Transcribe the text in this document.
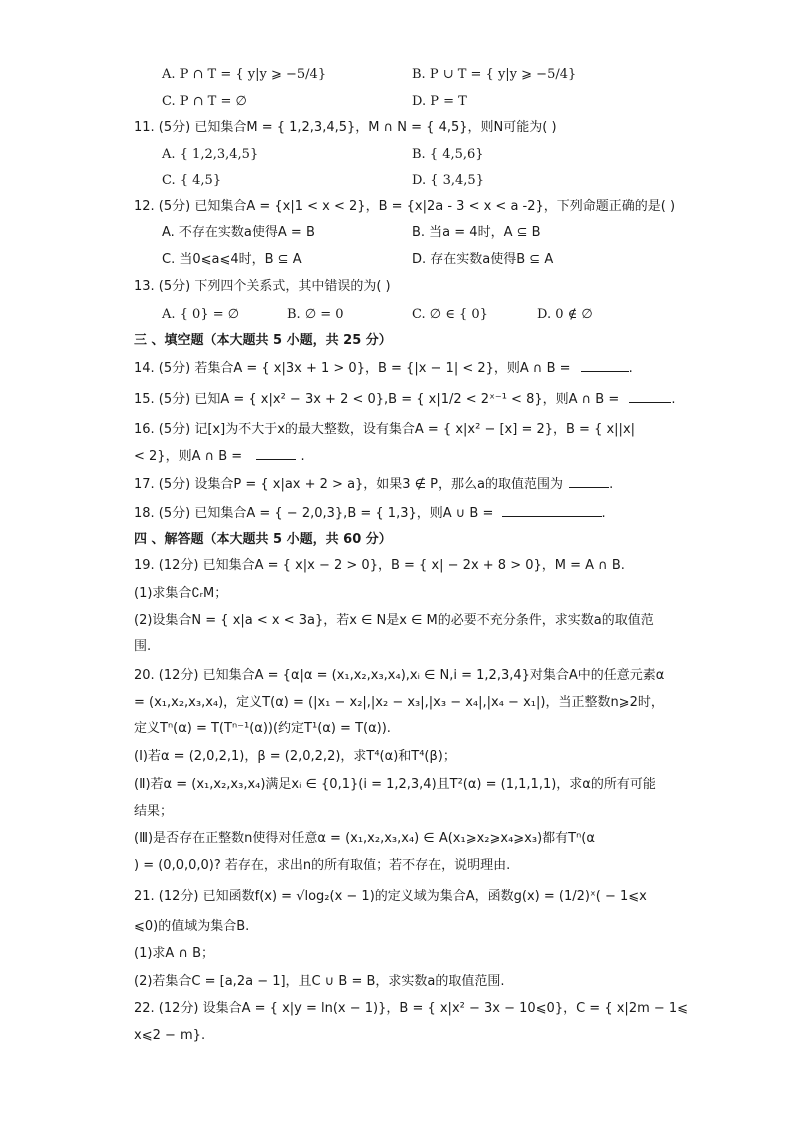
A. P ∩ T = { y|y ⩾ −5/4}	B. P ∪ T = { y|y ⩾ −5/4}
C. P ∩ T = ∅	D. P = T
11. (5分) 已知集合M = { 1,2,3,4,5}，M ∩ N = { 4,5}，则N可能为( )
A. { 1,2,3,4,5}	B. { 4,5,6}
C. { 4,5}	D. { 3,4,5}
12. (5分) 已知集合A = {x|1 < x < 2}，B = {x|2a - 3 < x < a -2}，下列命题正确的是( )
A. 不存在实数a使得A = B	B. 当a = 4时，A ⊆ B
C. 当0⩽a⩽4时，B ⊆ A	D. 存在实数a使得B ⊆ A
13. (5分) 下列四个关系式，其中错误的为( )
A. { 0} = ∅	B. ∅ = 0	C. ∅ ∈ { 0}	D. 0 ∉ ∅
三 、填空题（本大题共 5 小题，共 25 分）
14. (5分) 若集合A = { x|3x + 1 > 0}，B = {|x − 1| < 2}，则A ∩ B =	.
15. (5分) 已知A = { x|x² − 3x + 2 < 0},B = { x|1/2 < 2ˣ⁻¹ < 8}，则A ∩ B =	.
16. (5分) 记[x]为不大于x的最大整数，设有集合A = { x|x² − [x] = 2}，B = { x||x|
< 2}，则A ∩ B =	.
17. (5分) 设集合P = { x|ax + 2 > a}，如果3 ∉ P，那么a的取值范围为	.
18. (5分) 已知集合A = { − 2,0,3},B = { 1,3}，则A ∪ B =	.
四 、解答题（本大题共 5 小题，共 60 分）
19. (12分) 已知集合A = { x|x − 2 > 0}，B = { x| − 2x + 8 > 0}，M = A ∩ B.
(1)求集合∁ᵣM；
(2)设集合N = { x|a < x < 3a}，若x ∈ N是x ∈ M的必要不充分条件，求实数a的取值范
围.
20. (12分) 已知集合A = {α|α = (x₁,x₂,x₃,x₄),xᵢ ∈ N,i = 1,2,3,4}对集合A中的任意元素α
= (x₁,x₂,x₃,x₄)，定义T(α) = (|x₁ − x₂|,|x₂ − x₃|,|x₃ − x₄|,|x₄ − x₁|)，当正整数n⩾2时，
定义Tⁿ(α) = T(Tⁿ⁻¹(α))(约定T¹(α) = T(α)).
(Ⅰ)若α = (2,0,2,1)，β = (2,0,2,2)，求T⁴(α)和T⁴(β)；
(Ⅱ)若α = (x₁,x₂,x₃,x₄)满足xᵢ ∈ {0,1}(i = 1,2,3,4)且T²(α) = (1,1,1,1)，求α的所有可能
结果；
(Ⅲ)是否存在正整数n使得对任意α = (x₁,x₂,x₃,x₄) ∈ A(x₁⩾x₂⩾x₄⩾x₃)都有Tⁿ(α
) = (0,0,0,0)? 若存在，求出n的所有取值；若不存在，说明理由.
21. (12分) 已知函数f(x) = √log₂(x − 1)的定义域为集合A，函数g(x) = (1/2)ˣ( − 1⩽x
⩽0)的值域为集合B.
(1)求A ∩ B；
(2)若集合C = [a,2a − 1]，且C ∪ B = B，求实数a的取值范围.
22. (12分) 设集合A = { x|y = ln(x − 1)}，B = { x|x² − 3x − 10⩽0}，C = { x|2m − 1⩽
x⩽2 − m}.
